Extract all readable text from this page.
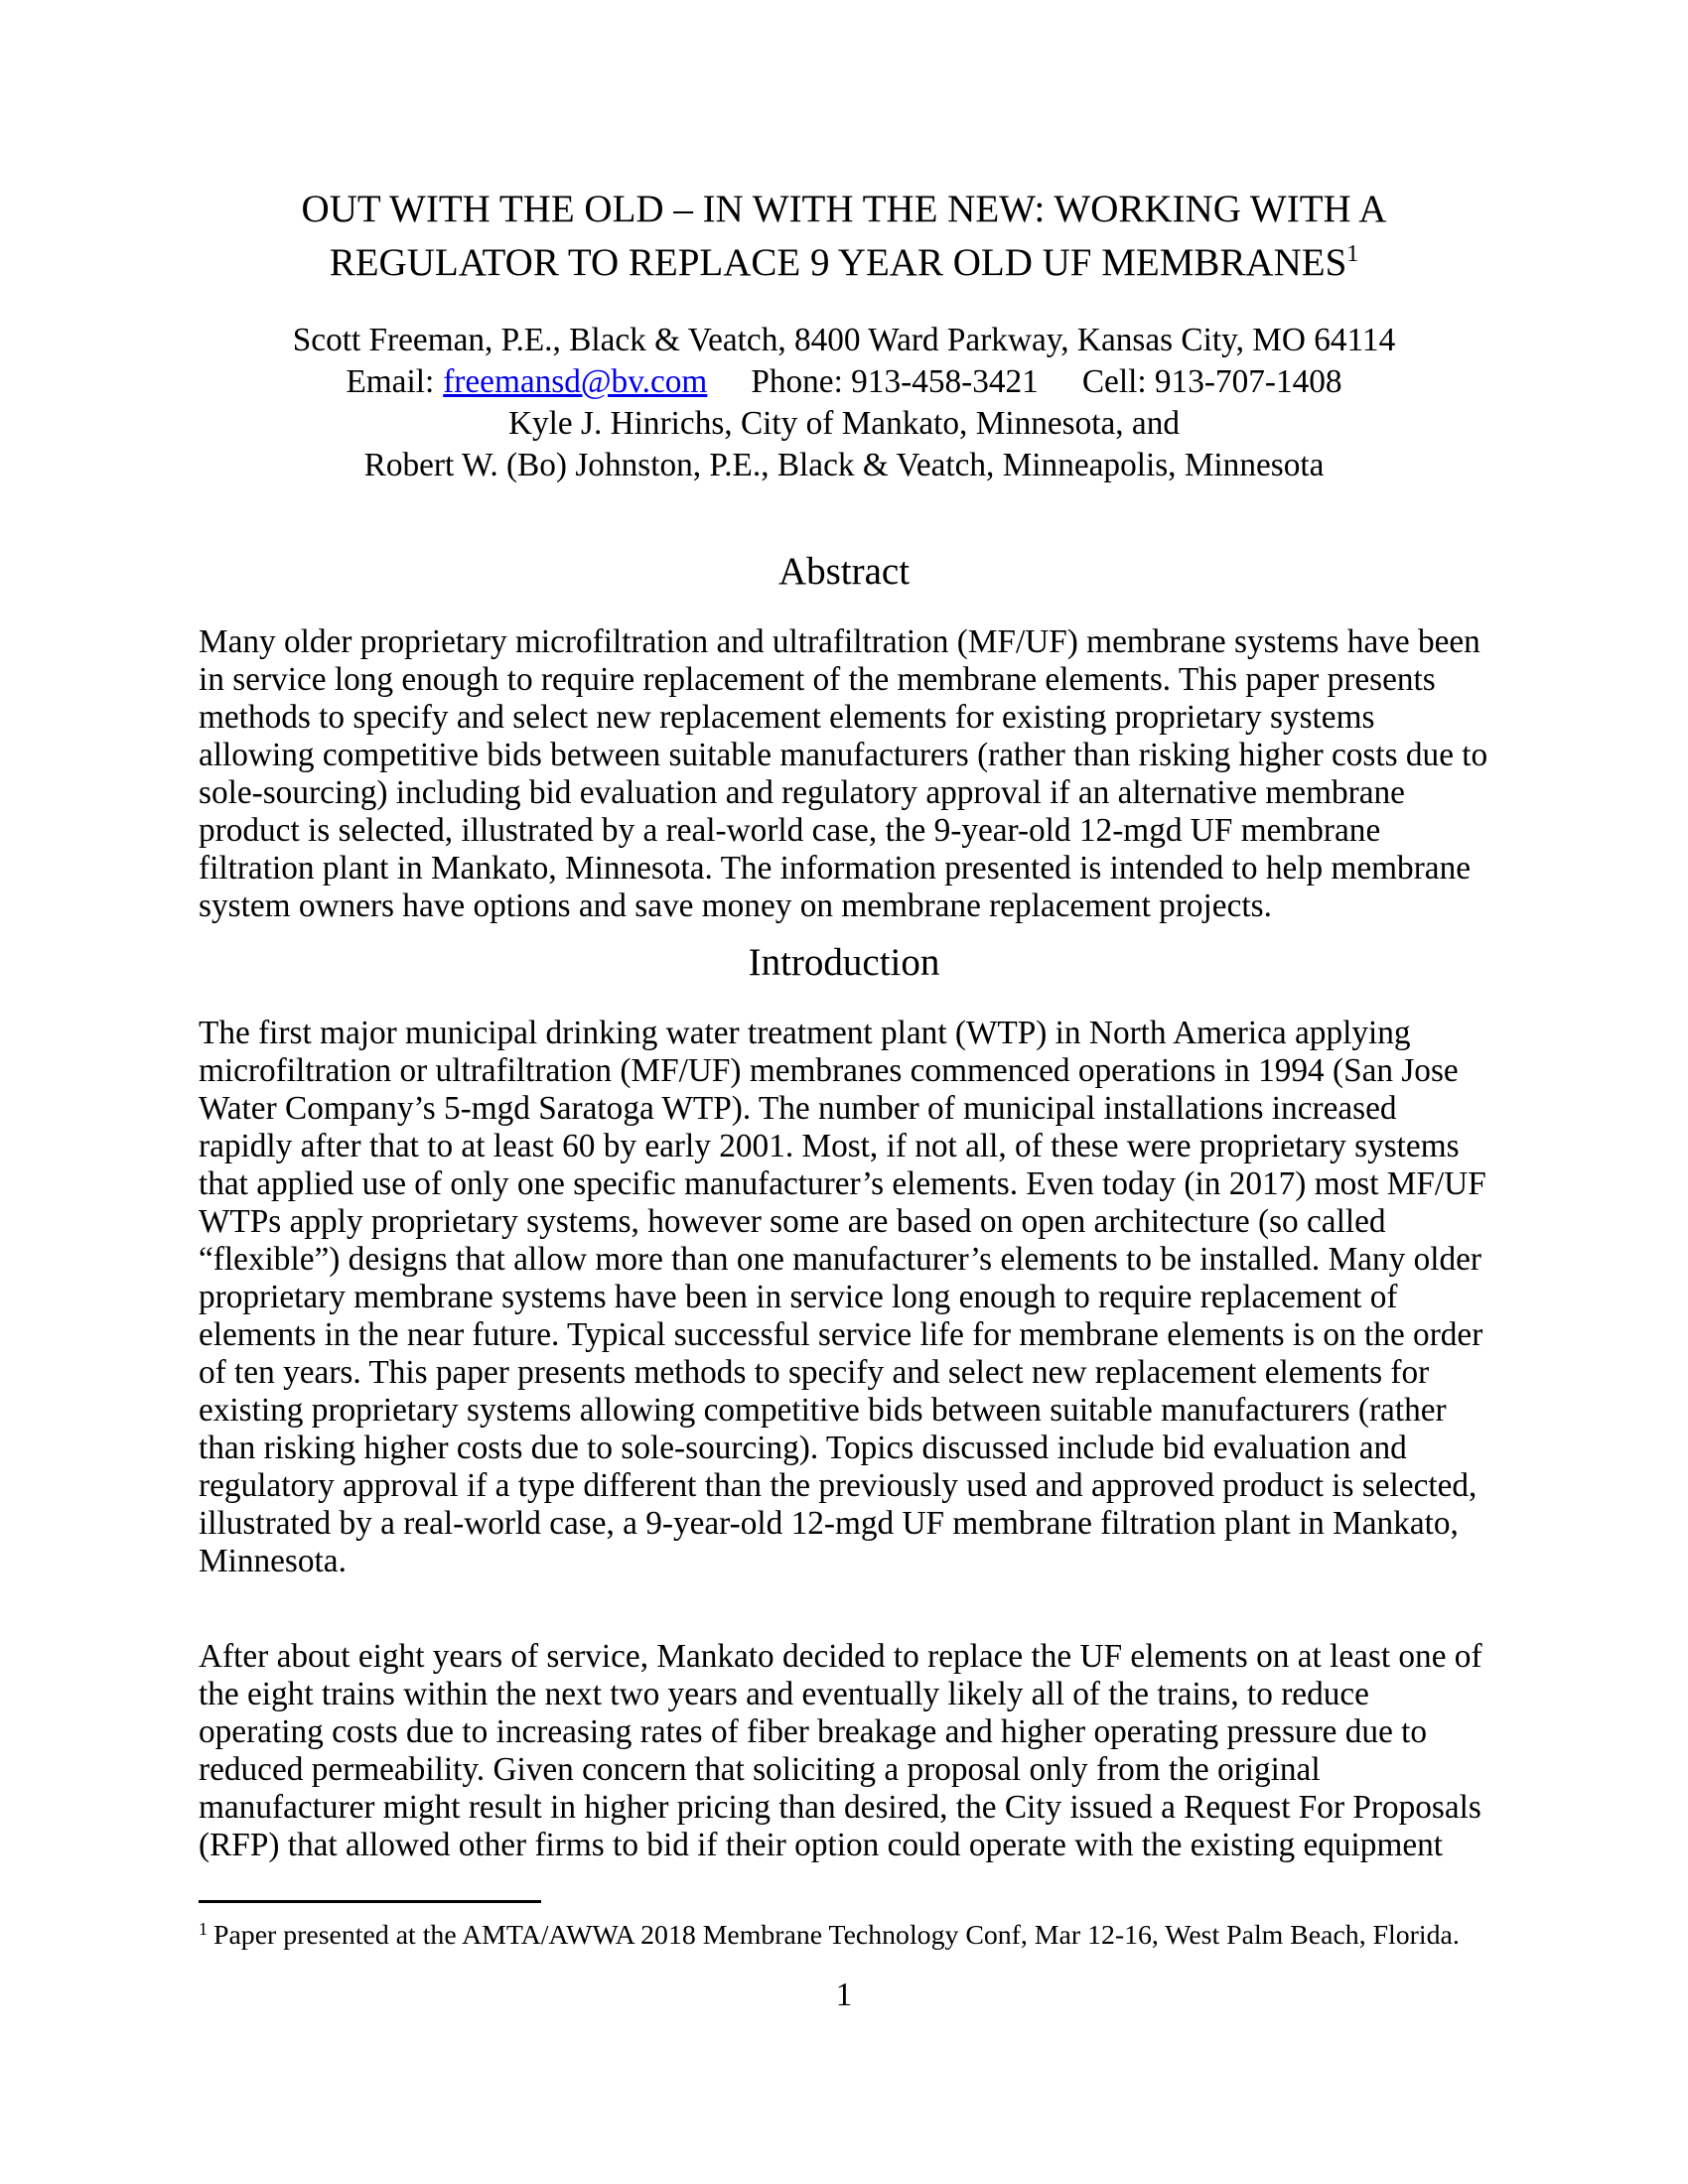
OUT WITH THE OLD – IN WITH THE NEW: WORKING WITH A
REGULATOR TO REPLACE 9 YEAR OLD UF MEMBRANES$^1$
Scott Freeman, P.E., Black & Veatch, 8400 Ward Parkway, Kansas City, MO 64114
Email: freemansd@bv.com Phone: 913-458-3421 Cell: 913-707-1408
Kyle J. Hinrichs, City of Mankato, Minnesota, and
Robert W. (Bo) Johnston, P.E., Black & Veatch, Minneapolis, Minnesota
Abstract
Many older proprietary microfiltration and ultrafiltration (MF/UF) membrane systems have been in service long enough to require replacement of the membrane elements. This paper presents methods to specify and select new replacement elements for existing proprietary systems allowing competitive bids between suitable manufacturers (rather than risking higher costs due to sole-sourcing) including bid evaluation and regulatory approval if an alternative membrane product is selected, illustrated by a real-world case, the 9-year-old 12-mgd UF membrane filtration plant in Mankato, Minnesota. The information presented is intended to help membrane system owners have options and save money on membrane replacement projects.
Introduction
The first major municipal drinking water treatment plant (WTP) in North America applying microfiltration or ultrafiltration (MF/UF) membranes commenced operations in 1994 (San Jose Water Company’s 5-mgd Saratoga WTP). The number of municipal installations increased rapidly after that to at least 60 by early 2001. Most, if not all, of these were proprietary systems that applied use of only one specific manufacturer’s elements. Even today (in 2017) most MF/UF WTPs apply proprietary systems, however some are based on open architecture (so called “flexible”) designs that allow more than one manufacturer’s elements to be installed. Many older proprietary membrane systems have been in service long enough to require replacement of elements in the near future. Typical successful service life for membrane elements is on the order of ten years. This paper presents methods to specify and select new replacement elements for existing proprietary systems allowing competitive bids between suitable manufacturers (rather than risking higher costs due to sole-sourcing). Topics discussed include bid evaluation and regulatory approval if a type different than the previously used and approved product is selected, illustrated by a real-world case, a 9-year-old 12-mgd UF membrane filtration plant in Mankato, Minnesota.
After about eight years of service, Mankato decided to replace the UF elements on at least one of the eight trains within the next two years and eventually likely all of the trains, to reduce operating costs due to increasing rates of fiber breakage and higher operating pressure due to reduced permeability. Given concern that soliciting a proposal only from the original manufacturer might result in higher pricing than desired, the City issued a Request For Proposals (RFP) that allowed other firms to bid if their option could operate with the existing equipment
$^1$ Paper presented at the AMTA/AWWA 2018 Membrane Technology Conf, Mar 12-16, West Palm Beach, Florida.
1
